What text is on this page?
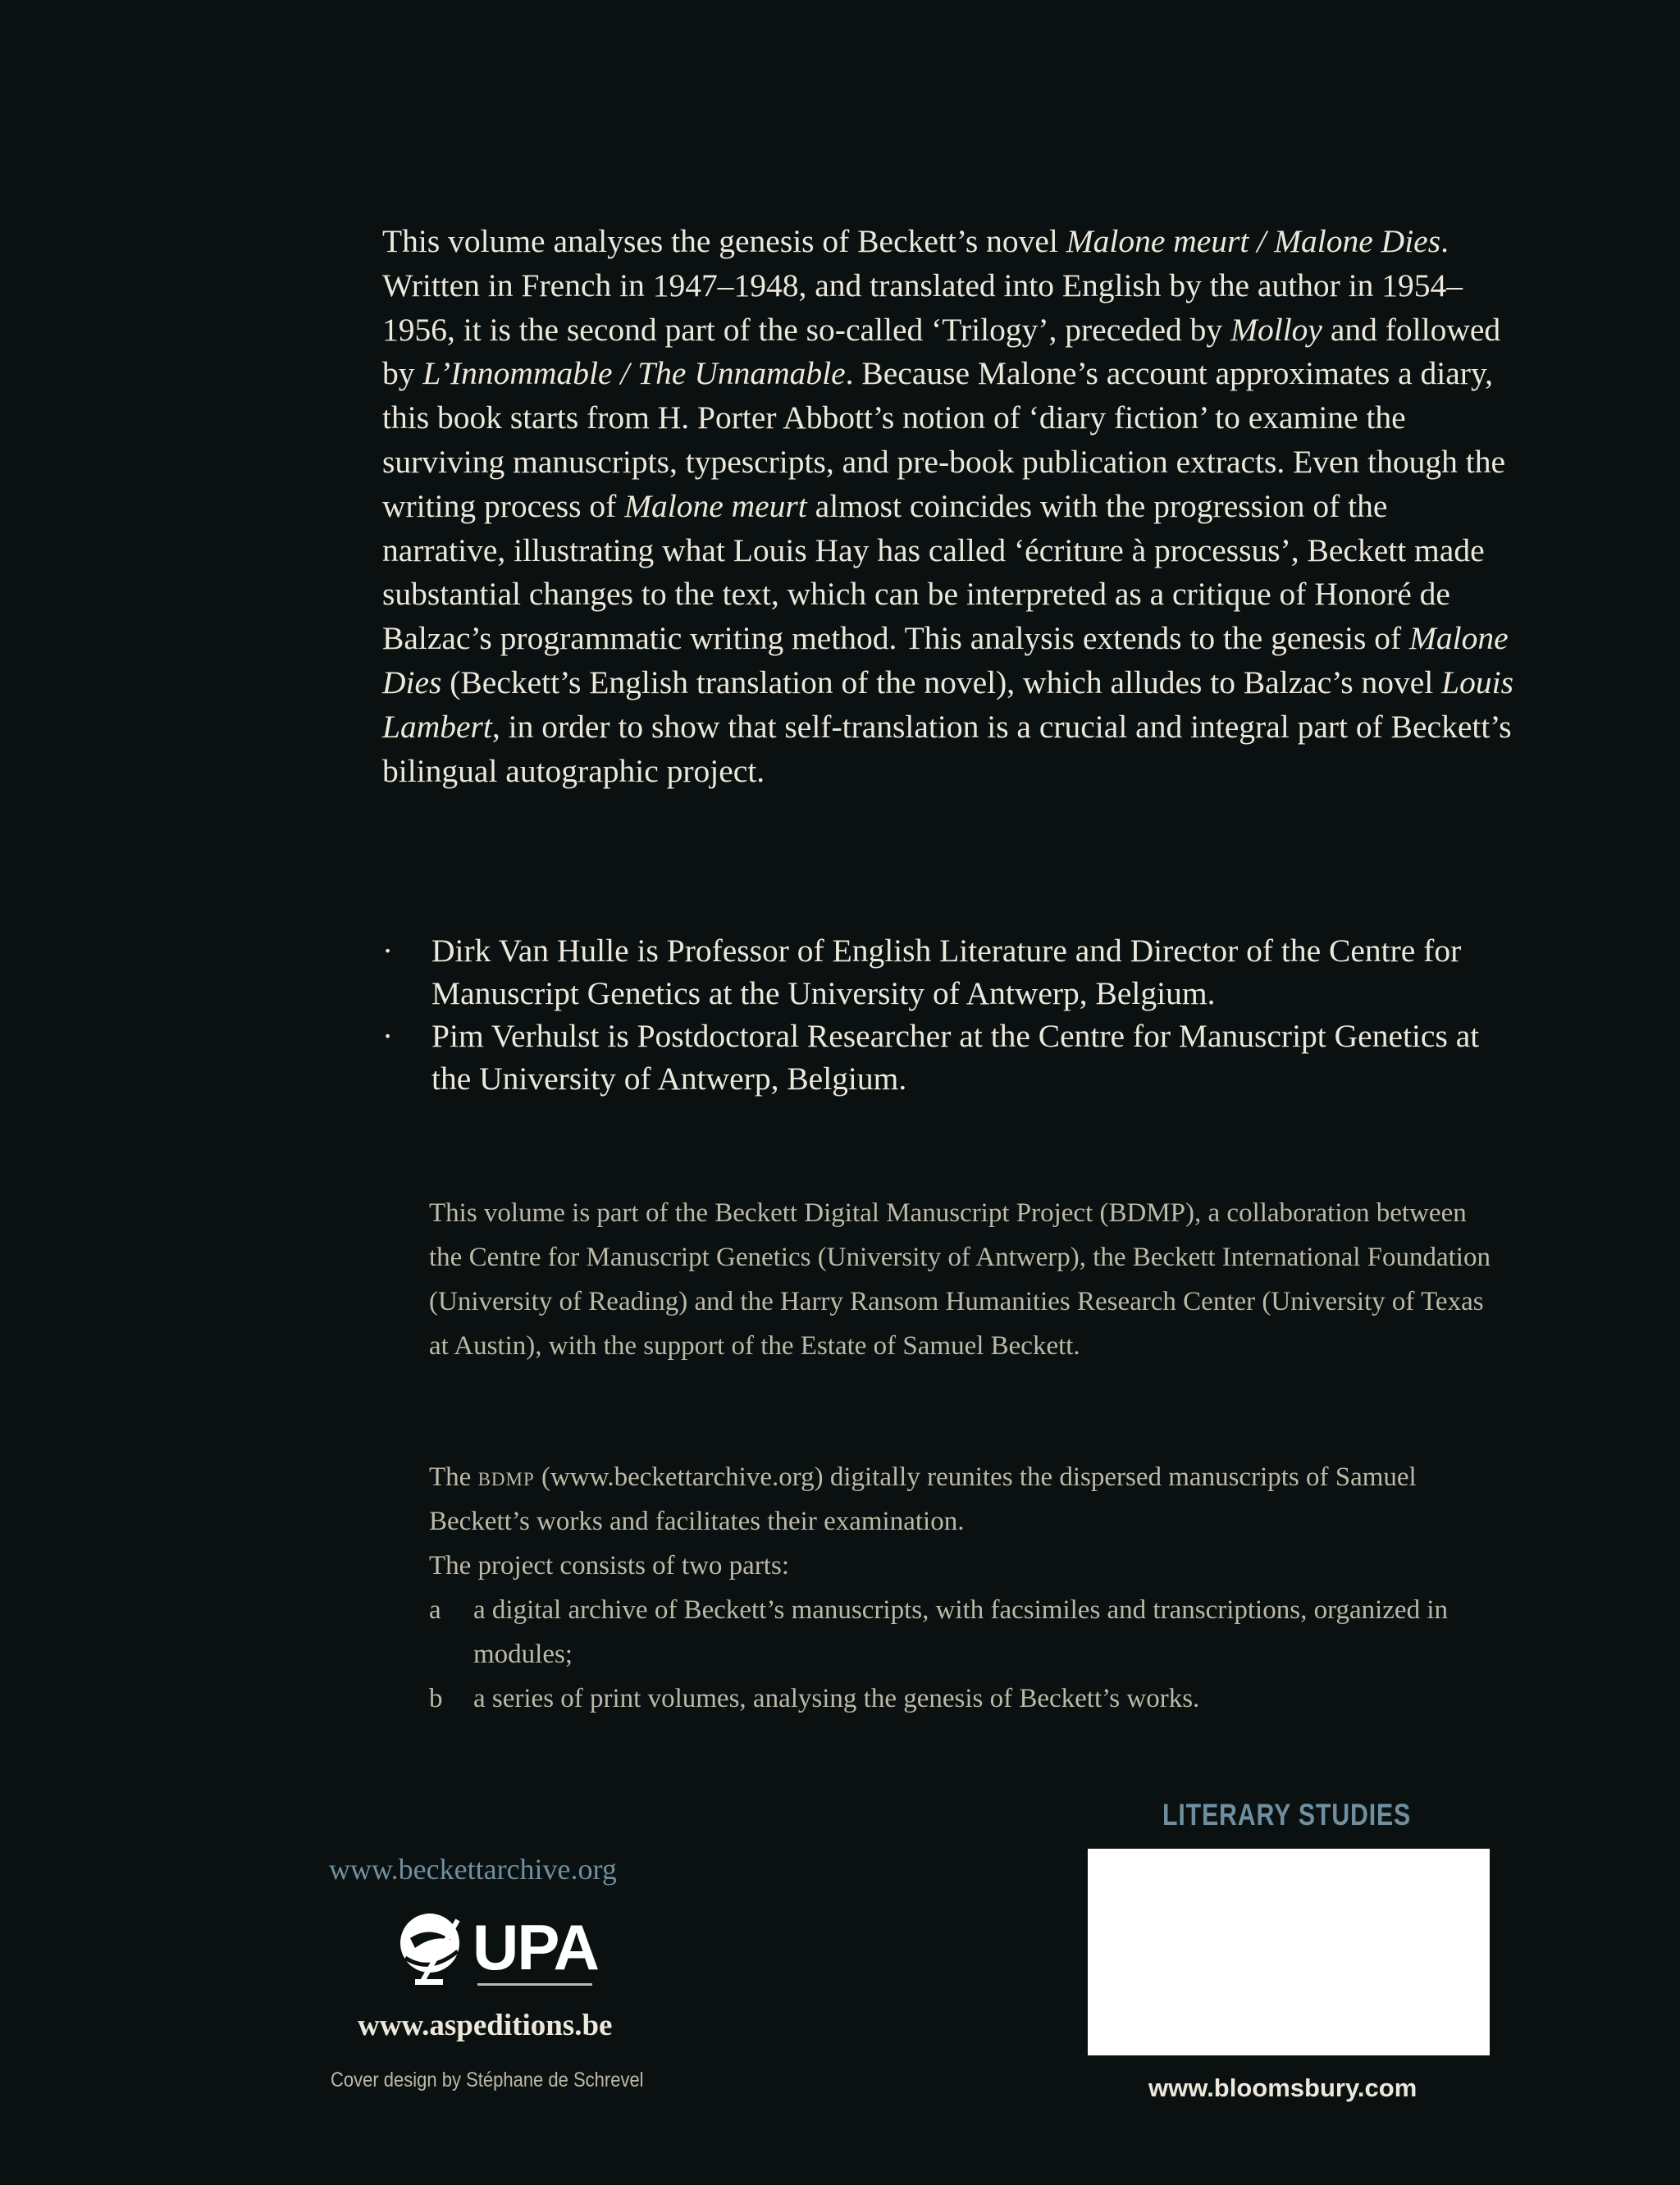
This volume analyses the genesis of Beckett’s novel Malone meurt / Malone Dies. Written in French in 1947–1948, and translated into English by the author in 1954–1956, it is the second part of the so-called ‘Trilogy’, preceded by Molloy and followed by L’Innommable / The Unnamable. Because Malone’s account approximates a diary, this book starts from H. Porter Abbott’s notion of ‘diary fiction’ to examine the surviving manuscripts, typescripts, and pre-book publication extracts. Even though the writing process of Malone meurt almost coincides with the progression of the narrative, illustrating what Louis Hay has called ‘écriture à processus’, Beckett made substantial changes to the text, which can be interpreted as a critique of Honoré de Balzac’s programmatic writing method. This analysis extends to the genesis of Malone Dies (Beckett’s English translation of the novel), which alludes to Balzac’s novel Louis Lambert, in order to show that self-translation is a crucial and integral part of Beckett’s bilingual autographic project.

· Dirk Van Hulle is Professor of English Literature and Director of the Centre for Manuscript Genetics at the University of Antwerp, Belgium.

· Pim Verhulst is Postdoctoral Researcher at the Centre for Manuscript Genetics at the University of Antwerp, Belgium.

This volume is part of the Beckett Digital Manuscript Project (BDMP), a collaboration between the Centre for Manuscript Genetics (University of Antwerp), the Beckett International Foundation (University of Reading) and the Harry Ransom Humanities Research Center (University of Texas at Austin), with the support of the Estate of Samuel Beckett.

The bdmp (www.beckettarchive.org) digitally reunites the dispersed manuscripts of Samuel Beckett’s works and facilitates their examination.

The project consists of two parts:

a a digital archive of Beckett’s manuscripts, with facsimiles and transcriptions, organized in modules;

b a series of print volumes, analysing the genesis of Beckett’s works.

www.beckettarchive.org
UPA
www.aspeditions.be
Cover design by Stéphane de Schrevel
LITERARY STUDIES
www.bloomsbury.com
